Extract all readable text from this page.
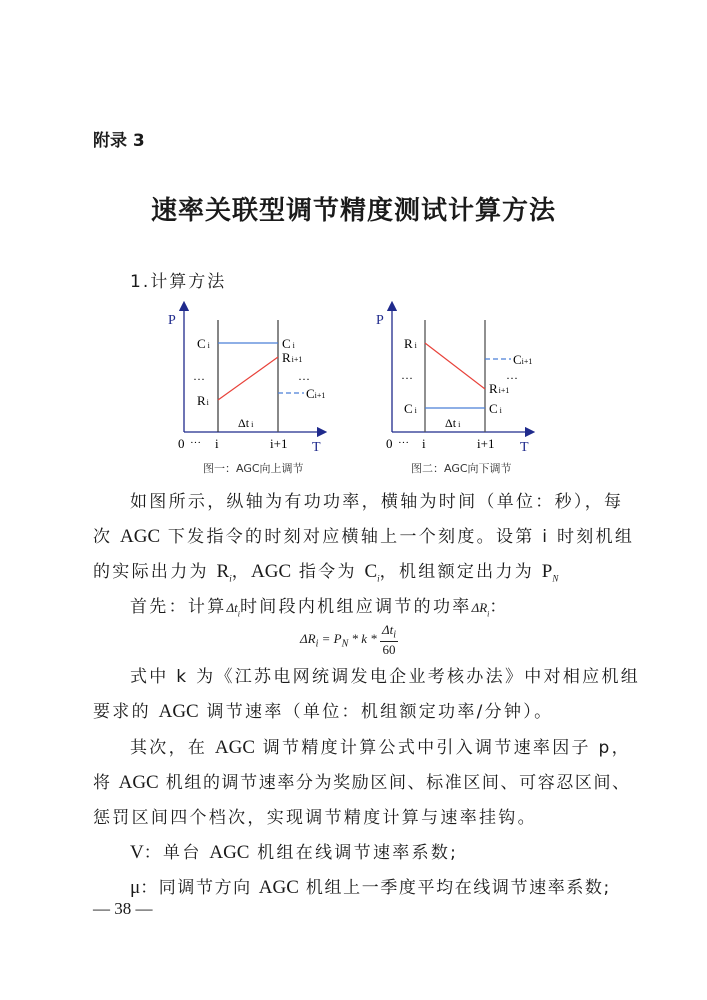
附录 3
速率关联型调节精度测试计算方法
1.计算方法
P
T
Ci	Ci
Ri+1
···	···
Ci+1
Ri
Δt i
0 ··· i	i+1
图一：AGC向上调节
P
T
Ri
Ci+1
···	···
Ri+1
Ci	Ci
Δt i
0 ··· i	i+1
图二：AGC向下调节
如图所示，纵轴为有功功率，横轴为时间（单位：秒），每
次 AGC 下发指令的时刻对应横轴上一个刻度。设第 i 时刻机组
的实际出力为 $R_i$，AGC 指令为 $C_i$，机组额定出力为 $P_N$
首先：计算$\Delta t_i$时间段内机组应调节的功率$\Delta R_i$：
$\Delta R_i = P_N * k * \frac{\Delta t_i}{60}$
式中 k 为《江苏电网统调发电企业考核办法》中对相应机组
要求的 AGC 调节速率（单位：机组额定功率/分钟）。
其次，在 AGC 调节精度计算公式中引入调节速率因子 p，
将 AGC 机组的调节速率分为奖励区间、标准区间、可容忍区间、
惩罚区间四个档次，实现调节精度计算与速率挂钩。
V：单台 AGC 机组在线调节速率系数;
μ：同调节方向 AGC 机组上一季度平均在线调节速率系数;
— 38 —
